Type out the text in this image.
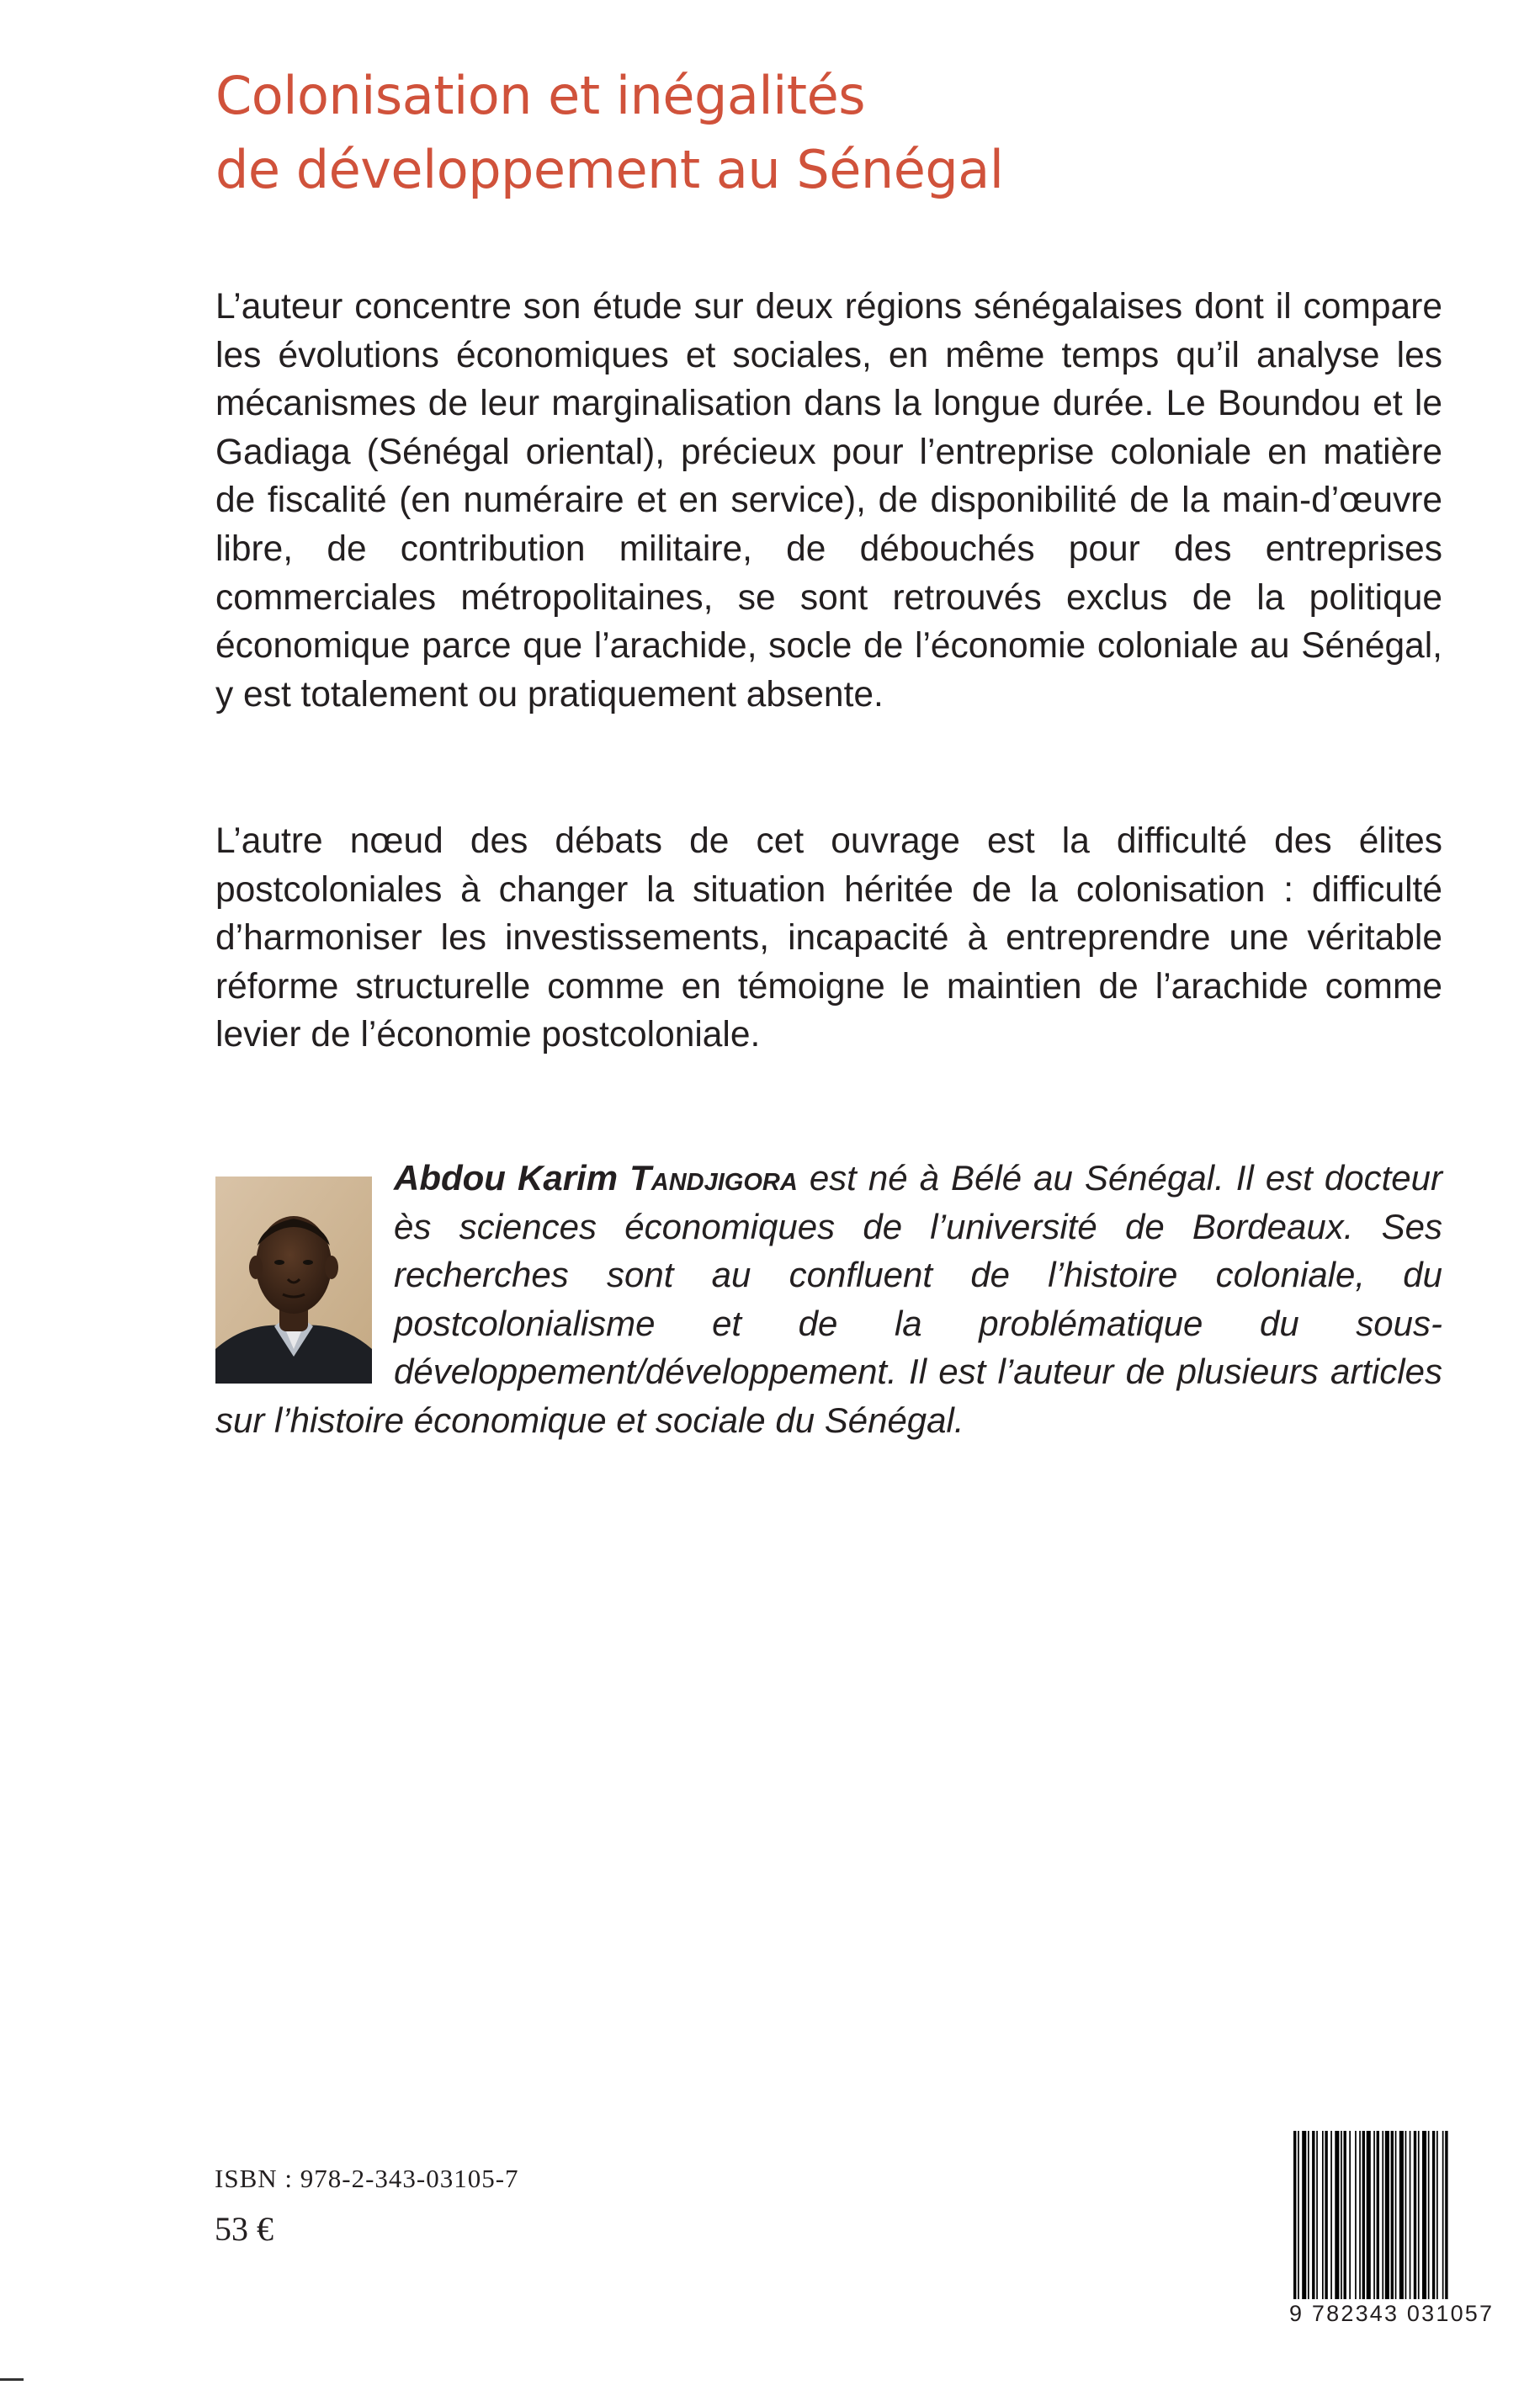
Colonisation et inégalités
de développement au Sénégal

L’auteur concentre son étude sur deux régions sénégalaises dont il compare les évolutions économiques et sociales, en même temps qu’il analyse les mécanismes de leur marginalisation dans la longue durée. Le Boundou et le Gadiaga (Sénégal oriental), précieux pour l’entreprise coloniale en matière de fiscalité (en numéraire et en service), de disponibilité de la main-d’œuvre libre, de contribution militaire, de débouchés pour des entreprises commerciales métropolitaines, se sont retrouvés exclus de la politique économique parce que l’arachide, socle de l’économie coloniale au Sénégal, y est totalement ou pratiquement absente.

L’autre nœud des débats de cet ouvrage est la difficulté des élites postcoloniales à changer la situation héritée de la colonisation : difficulté d’harmoniser les investissements, incapacité à entreprendre une véritable réforme structurelle comme en témoigne le maintien de l’arachide comme levier de l’économie postcoloniale.

Abdou Karim Tandjigora est né à Bélé au Sénégal. Il est docteur ès sciences économiques de l’université de Bordeaux. Ses recherches sont au confluent de l’histoire coloniale, du postcolonialisme et de la problématique du sous-développement/développement. Il est l’auteur de plusieurs articles sur l’histoire économique et sociale du Sénégal.

ISBN : 978-2-343-03105-7

53 €

9 782343 031057
